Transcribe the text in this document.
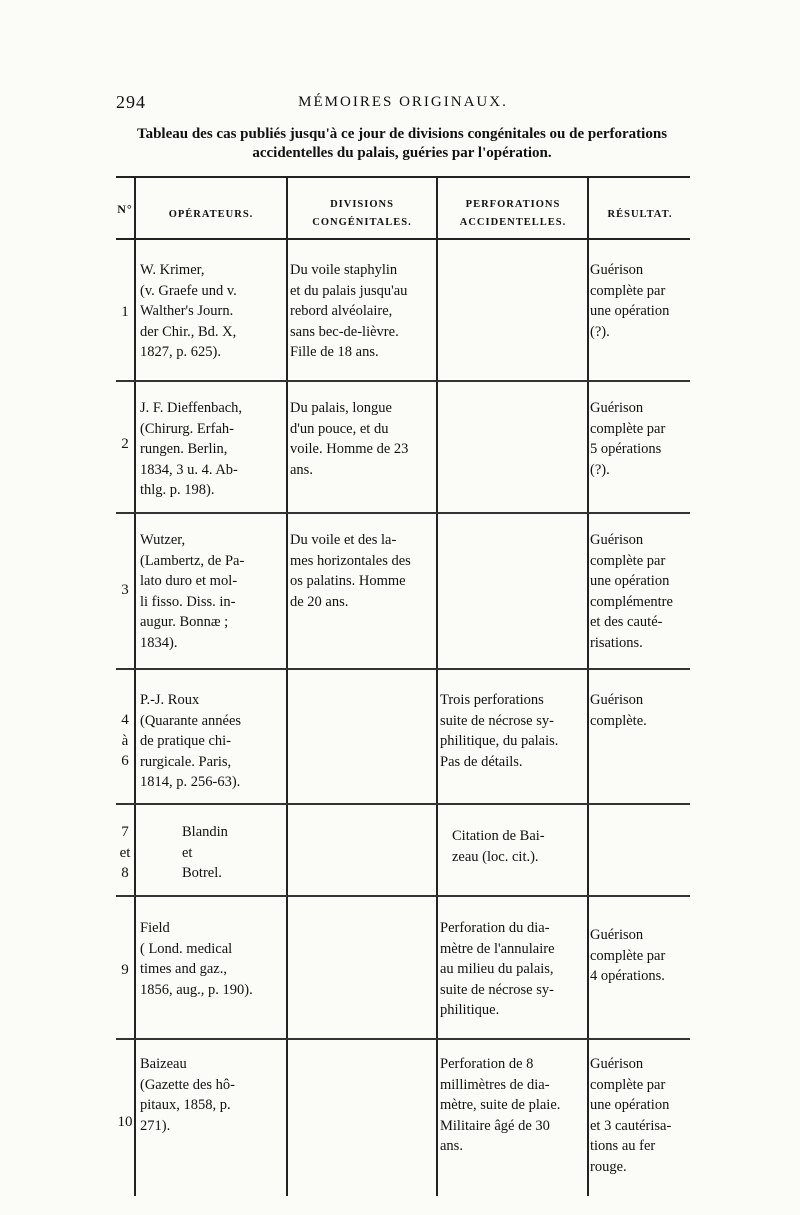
294	MÉMOIRES ORIGINAUX.
Tableau des cas publiés jusqu'à ce jour de divisions congénitales ou de perforations accidentelles du palais, guéries par l'opération.
N°	OPÉRATEURS.
DIVISIONS CONGÉNITALES.
PERFORATIONS ACCIDENTELLES.
RÉSULTAT.
1
W. Krimer,
(v. Graefe und v.
Walther's Journ.
der Chir., Bd. X,
1827, p. 625).
Du voile staphylin
et du palais jusqu'au
rebord alvéolaire,
sans bec-de-lièvre.
Fille de 18 ans.
Guérison
complète par
une opération
(?).
2
J. F. Dieffenbach,
(Chirurg. Erfah-
rungen. Berlin,
1834, 3 u. 4. Ab-
thlg. p. 198).
Du palais, longue
d'un pouce, et du
voile. Homme de 23
ans.
Guérison
complète par
5 opérations
(?).
3
Wutzer,
(Lambertz, de Pa-
lato duro et mol-
li fisso. Diss. in-
augur. Bonnæ ;
1834).
Du voile et des la-
mes horizontales des
os palatins. Homme
de 20 ans.
Guérison
complète par
une opération
complémentre
et des cauté-
risations.
4
à
6
P.-J. Roux
(Quarante années
de pratique chi-
rurgicale. Paris,
1814, p. 256-63).
Trois perforations
suite de nécrose sy-
philitique, du palais.
Pas de détails.
Guérison
complète.
7
et
8
Blandin
et
Botrel.
Citation de Bai-
zeau (loc. cit.).
9
Field
( Lond. medical
times and gaz.,
1856, aug., p. 190).
Perforation du dia-
mètre de l'annulaire
au milieu du palais,
suite de nécrose sy-
philitique.
Guérison
complète par
4 opérations.
10
Baizeau
(Gazette des hô-
pitaux, 1858, p.
271).
Perforation de 8
millimètres de dia-
mètre, suite de plaie.
Militaire âgé de 30
ans.
Guérison
complète par
une opération
et 3 cautérisa-
tions au fer
rouge.
